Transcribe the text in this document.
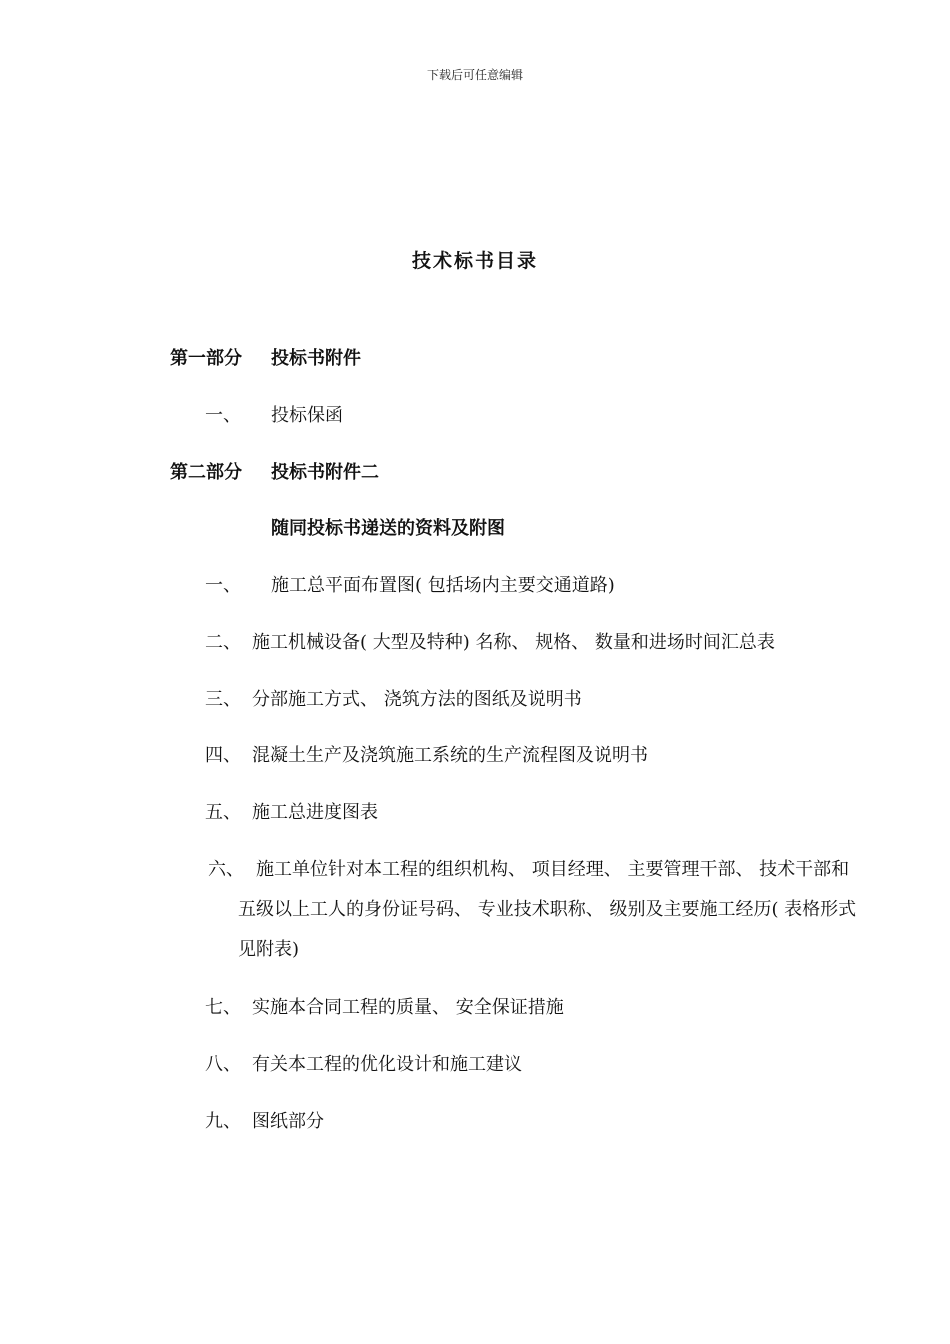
下载后可任意编辑
技术标书目录
第一部分 投标书附件
一、 投标保函
第二部分 投标书附件二
随同投标书递送的资料及附图
一、 施工总平面布置图( 包括场内主要交通道路)
二、 施工机械设备( 大型及特种) 名称、 规格、 数量和进场时间汇总表
三、 分部施工方式、 浇筑方法的图纸及说明书
四、 混凝土生产及浇筑施工系统的生产流程图及说明书
五、 施工总进度图表
六、 施工单位针对本工程的组织机构、 项目经理、 主要管理干部、 技术干部和五级以上工人的身份证号码、 专业技术职称、 级别及主要施工经历( 表格形式见附表)
七、 实施本合同工程的质量、 安全保证措施
八、 有关本工程的优化设计和施工建议
九、 图纸部分
